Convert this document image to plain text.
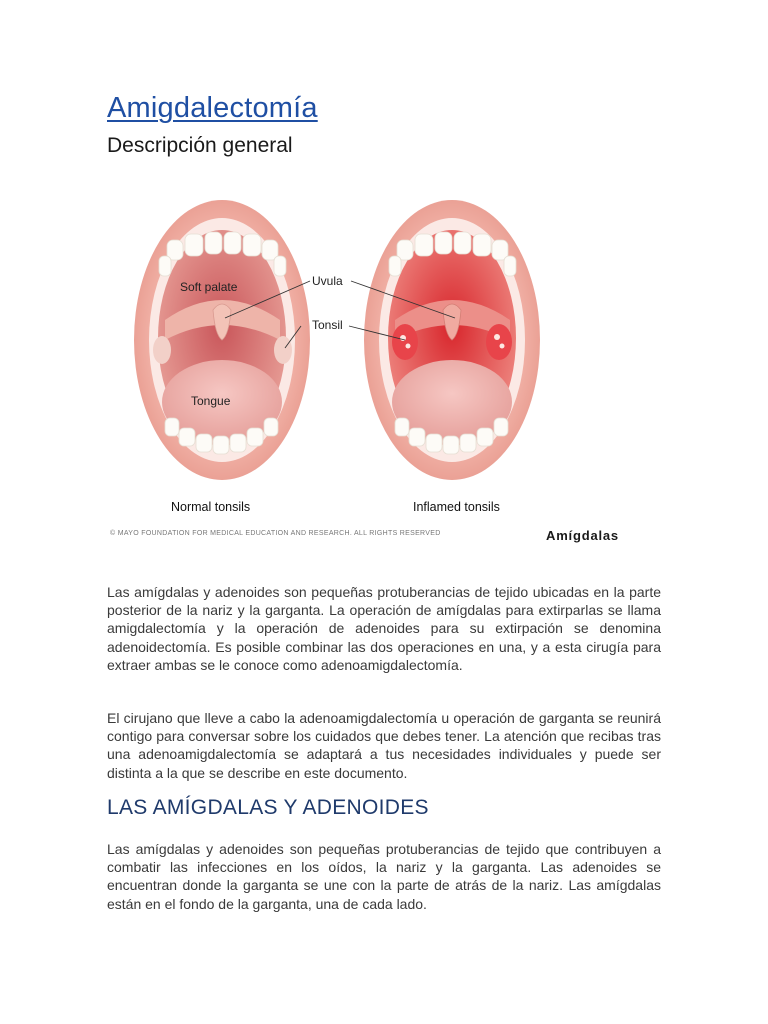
Amigdalectomía
Descripción general
Soft palate	Uvula
Tonsil
Tongue
Normal tonsils	Inflamed tonsils
© MAYO FOUNDATION FOR MEDICAL EDUCATION AND RESEARCH. ALL RIGHTS RESERVED	Amígdalas

Las amígdalas y adenoides son pequeñas protuberancias de tejido ubicadas en la parte posterior de la nariz y la garganta. La operación de amígdalas para extirparlas se llama amigdalectomía y la operación de adenoides para su extirpación se denomina adenoidectomía. Es posible combinar las dos operaciones en una, y a esta cirugía para extraer ambas se le conoce como adenoamigdalectomía.

El cirujano que lleve a cabo la adenoamigdalectomía u operación de garganta se reunirá contigo para conversar sobre los cuidados que debes tener. La atención que recibas tras una adenoamigdalectomía se adaptará a tus necesidades individuales y puede ser distinta a la que se describe en este documento.

LAS AMÍGDALAS Y ADENOIDES

Las amígdalas y adenoides son pequeñas protuberancias de tejido que contribuyen a combatir las infecciones en los oídos, la nariz y la garganta. Las adenoides se encuentran donde la garganta se une con la parte de atrás de la nariz. Las amígdalas están en el fondo de la garganta, una de cada lado.
